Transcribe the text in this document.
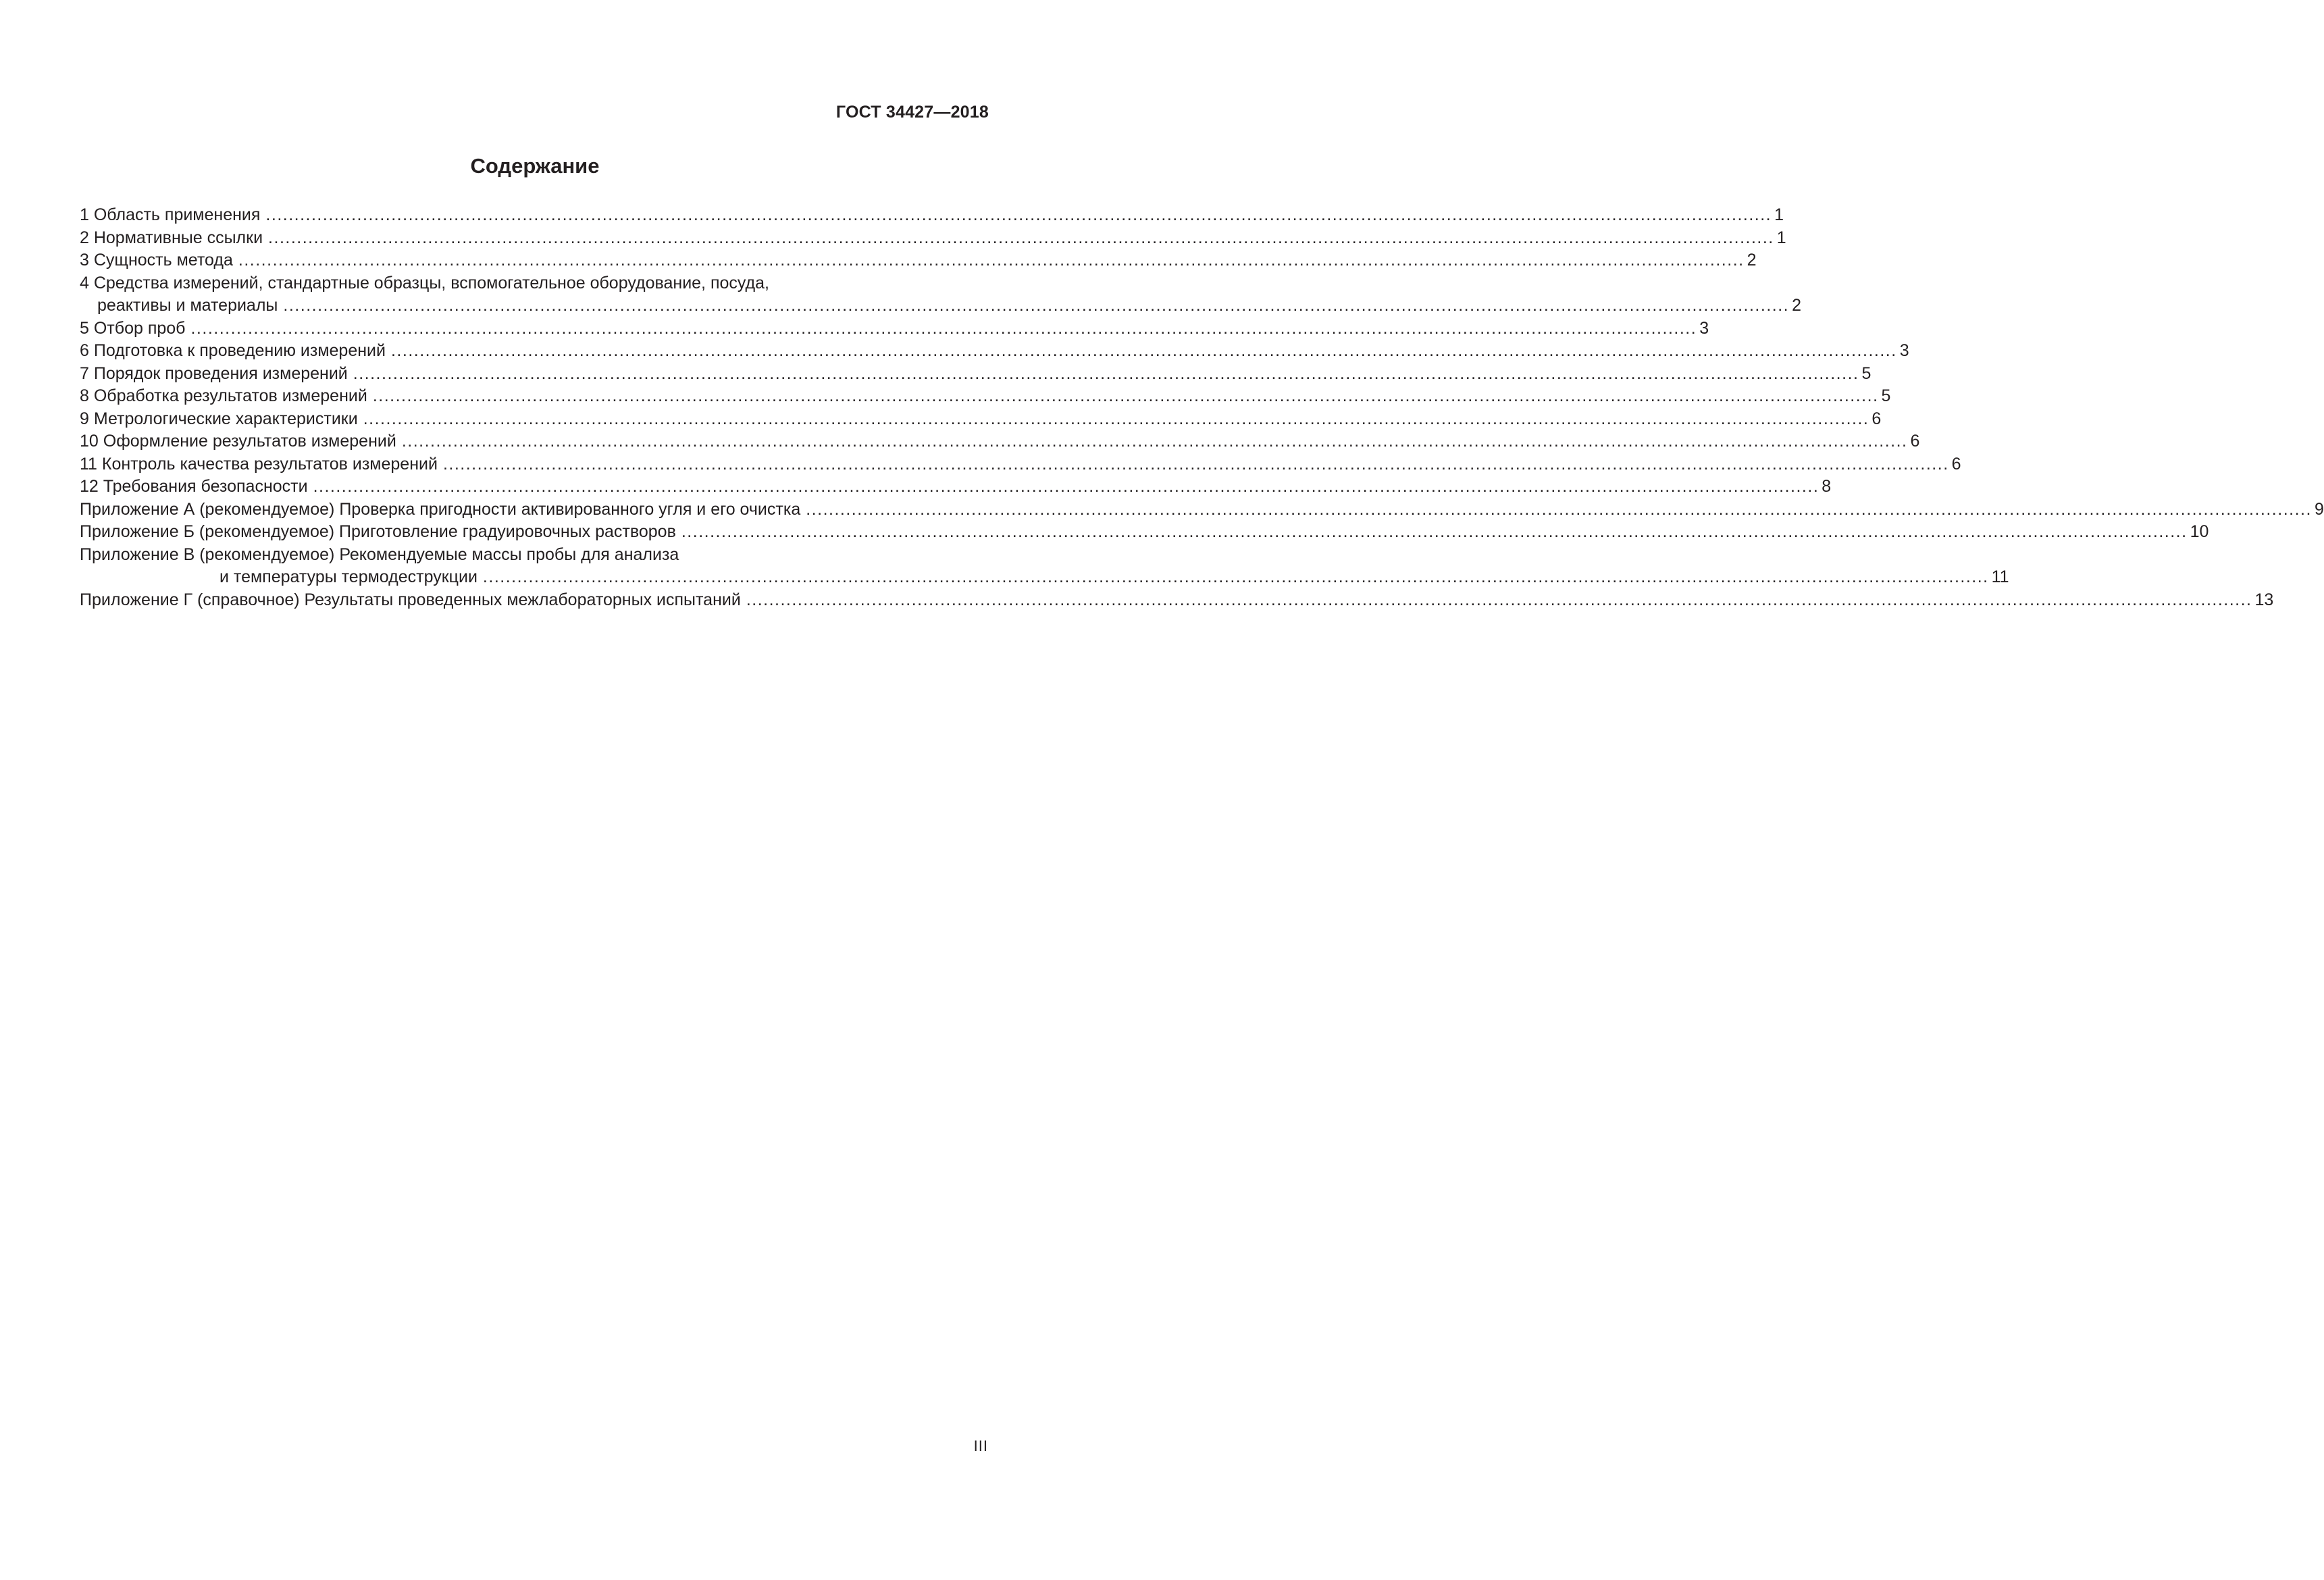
ГОСТ 34427—2018
Содержание
1 Область применения .....	1
2 Нормативные ссылки .....	1
3 Сущность метода .....	2
4 Средства измерений, стандартные образцы, вспомогательное оборудование, посуда,
реактивы и материалы .....	2
5 Отбор проб .....	3
6 Подготовка к проведению измерений .....	3
7 Порядок проведения измерений .....	5
8 Обработка результатов измерений .....	5
9 Метрологические характеристики .....	6
10 Оформление результатов измерений .....	6
11 Контроль качества результатов измерений .....	6
12 Требования безопасности .....	8
Приложение А (рекомендуемое) Проверка пригодности активированного угля и его очистка .....	9
Приложение Б (рекомендуемое) Приготовление градуировочных растворов .....	10
Приложение В (рекомендуемое) Рекомендуемые массы пробы для анализа
и температуры термодеструкции .....	11
Приложение Г (справочное) Результаты проведенных межлабораторных испытаний .....	13
III
